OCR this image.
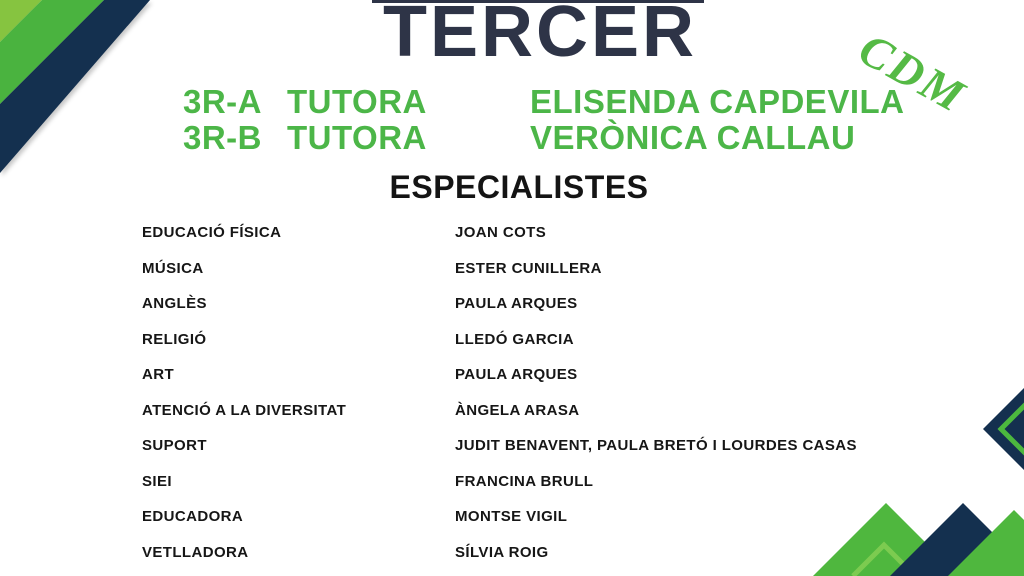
TERCER	CDM
3R-A TUTORA	ELISENDA CAPDEVILA
3R-B TUTORA	VERÒNICA CALLAU
ESPECIALISTES
EDUCACIÓ FÍSICA	JOAN COTS
MÚSICA	ESTER CUNILLERA
ANGLÈS	PAULA ARQUES
RELIGIÓ	LLEDÓ GARCIA
ART	PAULA ARQUES
ATENCIÓ A LA DIVERSITAT	ÀNGELA ARASA
SUPORT	JUDIT BENAVENT, PAULA BRETÓ I LOURDES CASAS
SIEI	FRANCINA BRULL
EDUCADORA	MONTSE VIGIL
VETLLADORA	SÍLVIA ROIG
